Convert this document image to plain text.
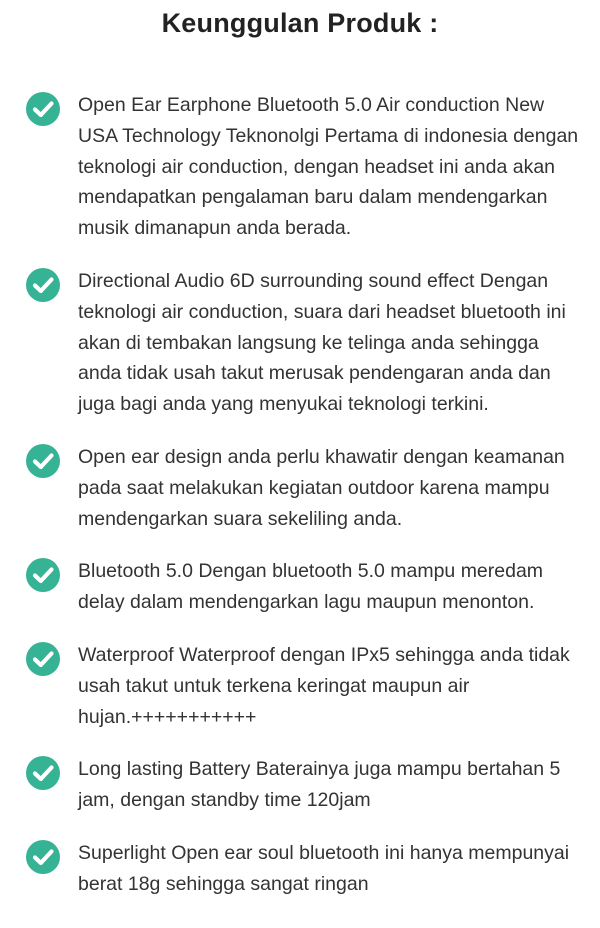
Keunggulan Produk :
Open Ear Earphone Bluetooth 5.0 Air conduction New USA Technology Teknonolgi Pertama di indonesia dengan teknologi air conduction, dengan headset ini anda akan mendapatkan pengalaman baru dalam mendengarkan musik dimanapun anda berada.
Directional Audio 6D surrounding sound effect Dengan teknologi air conduction, suara dari headset bluetooth ini akan di tembakan langsung ke telinga anda sehingga anda tidak usah takut merusak pendengaran anda dan juga bagi anda yang menyukai teknologi terkini.
Open ear design anda perlu khawatir dengan keamanan pada saat melakukan kegiatan outdoor karena mampu mendengarkan suara sekeliling anda.
Bluetooth 5.0 Dengan bluetooth 5.0 mampu meredam delay dalam mendengarkan lagu maupun menonton.
Waterproof Waterproof dengan IPx5 sehingga anda tidak usah takut untuk terkena keringat maupun air hujan.+++++++++++
Long lasting Battery Baterainya juga mampu bertahan 5 jam, dengan standby time 120jam
Superlight Open ear soul bluetooth ini hanya mempunyai berat 18g sehingga sangat ringan
